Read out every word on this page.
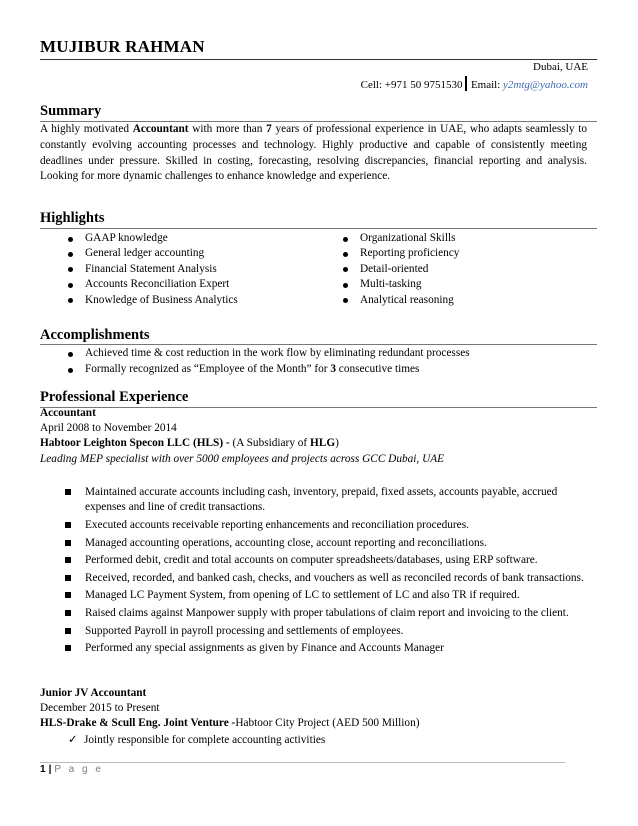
MUJIBUR RAHMAN
Dubai, UAE
Cell: +971 50 9751530 Email: y2mtg@yahoo.com
Summary
A highly motivated Accountant with more than 7 years of professional experience in UAE, who adapts seamlessly to constantly evolving accounting processes and technology. Highly productive and capable of consistently meeting deadlines under pressure. Skilled in costing, forecasting, resolving discrepancies, financial reporting and analysis. Looking for more dynamic challenges to enhance knowledge and experience.
Highlights
GAAP knowledge
General ledger accounting
Financial Statement Analysis
Accounts Reconciliation Expert
Knowledge of Business Analytics
Organizational Skills
Reporting proficiency
Detail-oriented
Multi-tasking
Analytical reasoning
Accomplishments
Achieved time & cost reduction in the work flow by eliminating redundant processes
Formally recognized as “Employee of the Month” for 3 consecutive times
Professional Experience
Accountant
April 2008 to November 2014
Habtoor Leighton Specon LLC (HLS) - (A Subsidiary of HLG)
Leading MEP specialist with over 5000 employees and projects across GCC Dubai, UAE
Maintained accurate accounts including cash, inventory, prepaid, fixed assets, accounts payable, accrued expenses and line of credit transactions.
Executed accounts receivable reporting enhancements and reconciliation procedures.
Managed accounting operations, accounting close, account reporting and reconciliations.
Performed debit, credit and total accounts on computer spreadsheets/databases, using ERP software.
Received, recorded, and banked cash, checks, and vouchers as well as reconciled records of bank transactions.
Managed LC Payment System, from opening of LC to settlement of LC and also TR if required.
Raised claims against Manpower supply with proper tabulations of claim report and invoicing to the client.
Supported Payroll in payroll processing and settlements of employees.
Performed any special assignments as given by Finance and Accounts Manager
Junior JV Accountant
December 2015 to Present
HLS-Drake & Scull Eng. Joint Venture -Habtoor City Project (AED 500 Million)
✓ Jointly responsible for complete accounting activities
1 | P a g e
